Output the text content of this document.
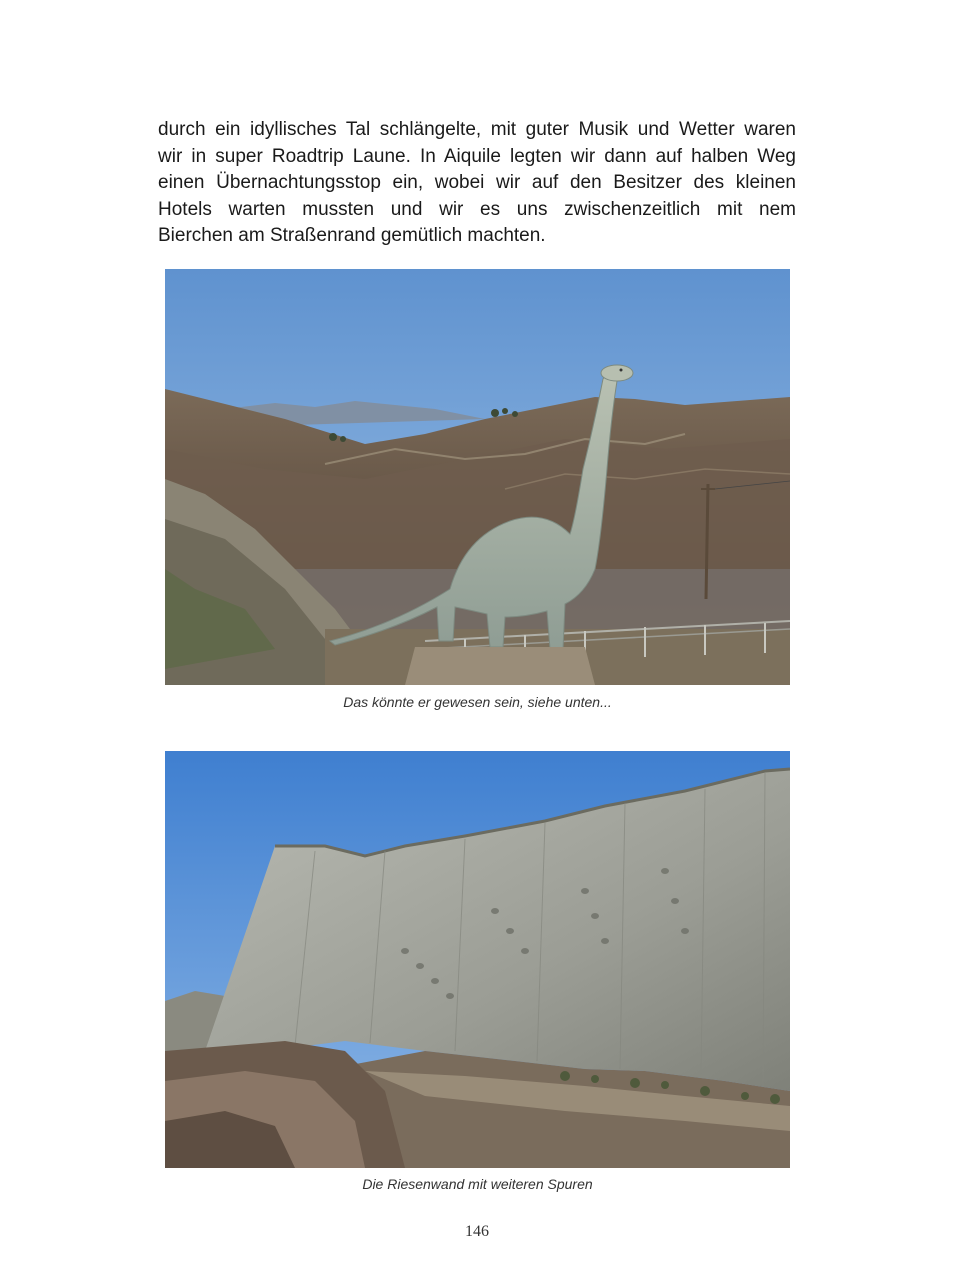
durch ein idyllisches Tal schlängelte, mit guter Musik und Wetter waren
wir in super Roadtrip Laune. In Aiquile legten wir dann auf halben Weg
einen Übernachtungsstop ein, wobei wir auf den Besitzer des kleinen
Hotels warten mussten und wir es uns zwischenzeitlich mit nem
Bierchen am Straßenrand gemütlich machten.
Das könnte er gewesen sein, siehe unten...
Die Riesenwand mit weiteren Spuren
146
